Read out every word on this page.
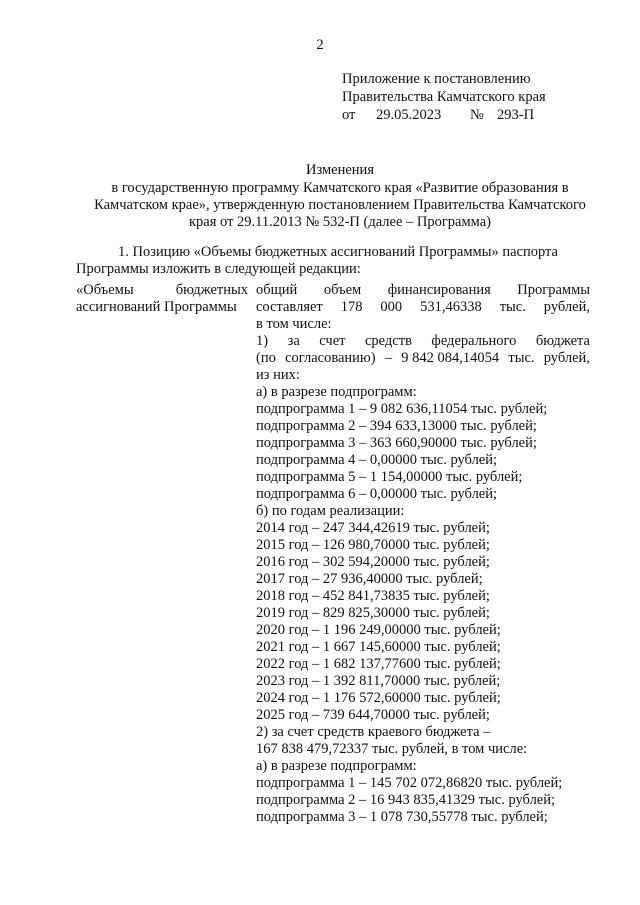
2
Приложение к постановлению
Правительства Камчатского края
от	29.05.2023 № 293-П
Изменения
в государственную программу Камчатского края «Развитие образования в
Камчатском крае», утвержденную постановлением Правительства Камчатского
края от 29.11.2013 № 532-П (далее – Программа)
1. Позицию «Объемы бюджетных ассигнований Программы» паспорта
Программы изложить в следующей редакции:
«Объемы	бюджетных
ассигнований Программы
общий объем финансирования Программы
составляет 178 000 531,46338 тыс. рублей,
в том числе:
1) за счет средств федерального бюджета
(по согласованию) – 9 842 084,14054 тыс. рублей,
из них:
а) в разрезе подпрограмм:
подпрограмма 1 – 9 082 636,11054 тыс. рублей;
подпрограмма 2 – 394 633,13000 тыс. рублей;
подпрограмма 3 – 363 660,90000 тыс. рублей;
подпрограмма 4 – 0,00000 тыс. рублей;
подпрограмма 5 – 1 154,00000 тыс. рублей;
подпрограмма 6 – 0,00000 тыс. рублей;
б) по годам реализации:
2014 год – 247 344,42619 тыс. рублей;
2015 год – 126 980,70000 тыс. рублей;
2016 год – 302 594,20000 тыс. рублей;
2017 год – 27 936,40000 тыс. рублей;
2018 год – 452 841,73835 тыс. рублей;
2019 год – 829 825,30000 тыс. рублей;
2020 год – 1 196 249,00000 тыс. рублей;
2021 год – 1 667 145,60000 тыс. рублей;
2022 год – 1 682 137,77600 тыс. рублей;
2023 год – 1 392 811,70000 тыс. рублей;
2024 год – 1 176 572,60000 тыс. рублей;
2025 год – 739 644,70000 тыс. рублей;
2) за счет средств краевого бюджета –
167 838 479,72337 тыс. рублей, в том числе:
а) в разрезе подпрограмм:
подпрограмма 1 – 145 702 072,86820 тыс. рублей;
подпрограмма 2 – 16 943 835,41329 тыс. рублей;
подпрограмма 3 – 1 078 730,55778 тыс. рублей;
